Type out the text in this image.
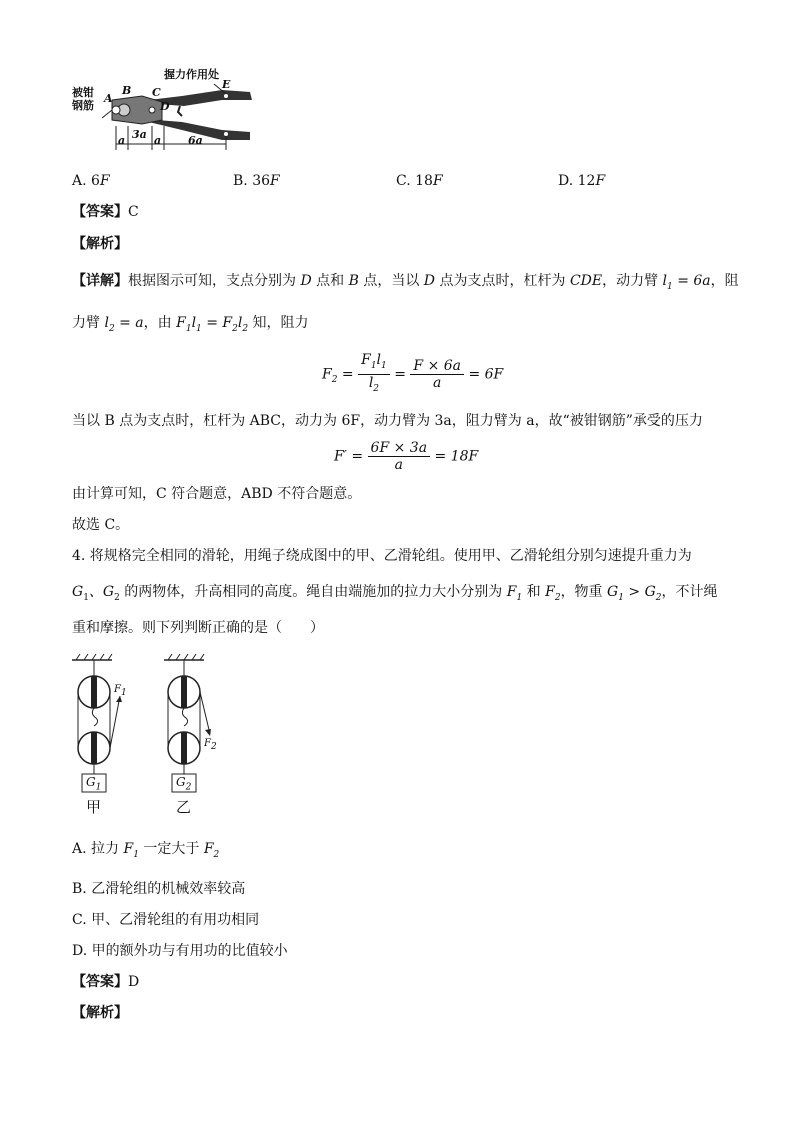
被钳
钢筋
握力作用处
A
B C
D
E
a 3a a 6a
A. 6F	B. 36F	C. 18F	D. 12F
【答案】C
【解析】
【详解】根据图示可知，支点分别为 D 点和 B 点，当以 D 点为支点时，杠杆为 CDE，动力臂 $l_1 = 6a$，阻
力臂 $l_2 = a$，由 $F_1l_1 = F_2l_2$ 知，阻力
$F_2 = \frac{F_1l_1}{l_2} = \frac{F \times 6a}{a} = 6F$
当以 B 点为支点时，杠杆为 ABC，动力为 6F，动力臂为 3a，阻力臂为 a，故“被钳钢筋”承受的压力
$F' = \frac{6F \times 3a}{a} = 18F$
由计算可知，C 符合题意，ABD 不符合题意。
故选 C。
4. 将规格完全相同的滑轮，用绳子绕成图中的甲、乙滑轮组。使用甲、乙滑轮组分别匀速提升重力为
$G_1$、$G_2$ 的两物体，升高相同的高度。绳自由端施加的拉力大小分别为 $F_1$ 和 $F_2$，物重 $G_1 > G_2$，不计绳
重和摩擦。则下列判断正确的是（　　）
$F_1$
$F_2$
$G_1$	$G_2$
甲	乙
A. 拉力 $F_1$ 一定大于 $F_2$
B. 乙滑轮组的机械效率较高
C. 甲、乙滑轮组的有用功相同
D. 甲的额外功与有用功的比值较小
【答案】D
【解析】
